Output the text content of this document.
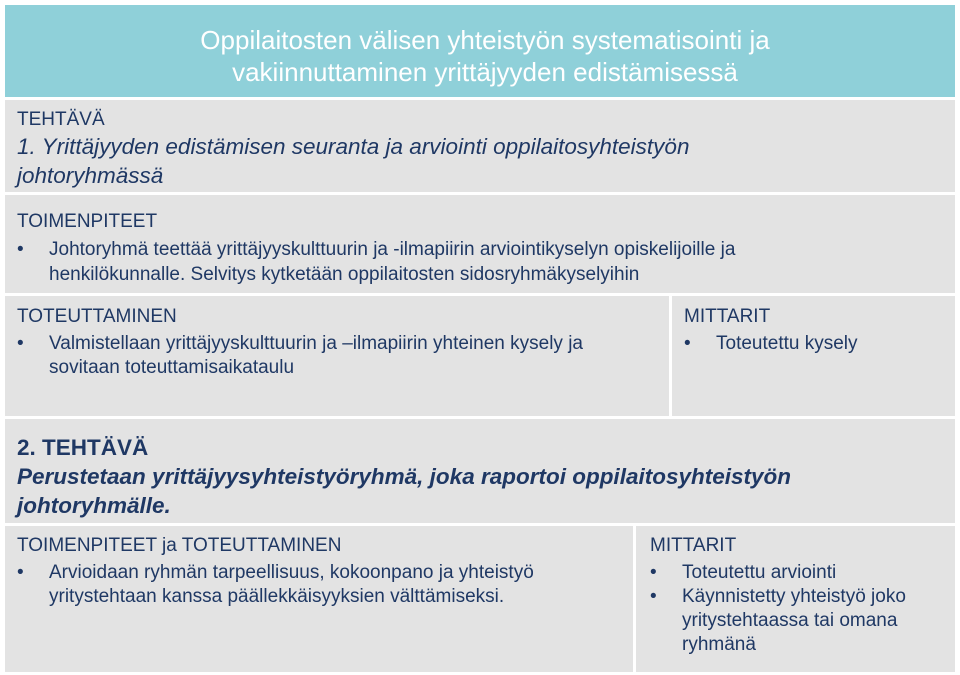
Oppilaitosten välisen yhteistyön systematisointi ja
vakiinnuttaminen yrittäjyyden edistämisessä
TEHTÄVÄ
1. Yrittäjyyden edistämisen seuranta ja arviointi oppilaitosyhteistyön johtoryhmässä
TOIMENPITEET
• Johtoryhmä teettää yrittäjyyskulttuurin ja -ilmapiirin arviointikyselyn opiskelijoille ja henkilökunnalle. Selvitys kytketään oppilaitosten sidosryhmäkyselyihin
TOTEUTTAMINEN
• Valmistellaan yrittäjyyskulttuurin ja –ilmapiirin yhteinen kysely ja sovitaan toteuttamisaikataulu
MITTARIT
• Toteutettu kysely
2. TEHTÄVÄ
Perustetaan yrittäjyysyhteistyöryhmä, joka raportoi oppilaitosyhteistyön johtoryhmälle.
TOIMENPITEET ja TOTEUTTAMINEN
• Arvioidaan ryhmän tarpeellisuus, kokoonpano ja yhteistyö yritystehtaan kanssa päällekkäisyyksien välttämiseksi.
MITTARIT
• Toteutettu arviointi
• Käynnistetty yhteistyö joko yritystehtaassa tai omana ryhmänä
